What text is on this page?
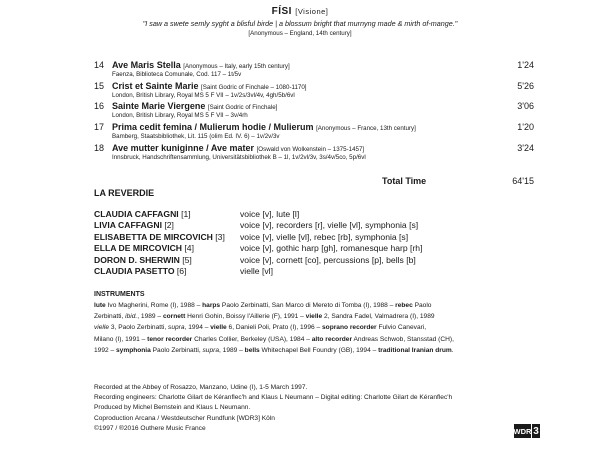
FÍSI [Visione]
"I saw a swete semly syght a blisful birde | a blossum bright that murnyng made & mirth of-mange."
[Anonymous – England, 14th century]
14 Ave Maris Stella [Anonymous – Italy, early 15th century]	1'24
Faenza, Biblioteca Comunale, Cod. 117 – 1t/5v
15 Crist et Sainte Marie [Saint Godric of Finchale – 1080-1170]	5'26
London, British Library, Royal MS 5 F VII – 1v/2s/3vl/4v, 4gh/5b/6vl
16 Sainte Marie Viergene [Saint Godric of Finchale]	3'06
London, British Library, Royal MS 5 F VII – 3v/4rh
17 Prima cedit femina / Mulierum hodie / Mulierum [Anonymous – France, 13th century]	1'20
Bamberg, Staatsbibliothek, Lit. 115 (olim Ed. IV. 6) – 1v/2v/3v
18 Ave mutter kuniginne / Ave mater [Oswald von Wolkenstein – 1375-1457]	3'24
Innsbruck, Handschriftensammlung, Universitätsbibliothek B – 1l, 1v/2vl/3v, 3s/4v/5co, 5p/6vl
Total Time	64'15
LA REVERDIE
CLAUDIA CAFFAGNI [1]	voice [v], lute [l]
LIVIA CAFFAGNI [2]	voice [v], recorders [r], vielle [vl], symphonia [s]
ELISABETTA DE MIRCOVICH [3] voice [v], vielle [vl], rebec [rb], symphonia [s]
ELLA DE MIRCOVICH [4]	voice [v], gothic harp [gh], romanesque harp [rh]
DORON D. SHERWIN [5]	voice [v], cornett [co], percussions [p], bells [b]
CLAUDIA PASETTO [6]	vielle [vl]
INSTRUMENTS
lute Ivo Magherini, Rome (I), 1988 – harps Paolo Zerbinatti, San Marco di Mereto di Tomba (I), 1988 – rebec Paolo
Zerbinatti, ibid., 1989 – cornett Henri Gohin, Boissy l'Aillerie (F), 1991 – vielle 2, Sandra Fadel, Valmadrera (I), 1989
vielle 3, Paolo Zerbinatti, supra, 1994 – vielle 6, Danieli Poli, Prato (I), 1996 – soprano recorder Fulvio Canevari,
Milano (I), 1991 – tenor recorder Charles Collier, Berkeley (USA), 1984 – alto recorder Andreas Schwob, Stansstad (CH),
1992 – symphonia Paolo Zerbinatti, supra, 1989 – bells Whitechapel Bell Foundry (GB), 1994 – traditional Iranian drum.
Recorded at the Abbey of Rosazzo, Manzano, Udine (I), 1-5 March 1997.
Recording engineers: Charlotte Gilart de Kéranflec'h and Klaus L Neumann – Digital editing: Charlotte Gilart de Kéranflec'h
Produced by Michel Bernstein and Klaus L Neumann.
Coproduction Arcana / Westdeutscher Rundfunk [WDR3] Köln
©1997 / ®2016 Outhere Music France	WDR 3
